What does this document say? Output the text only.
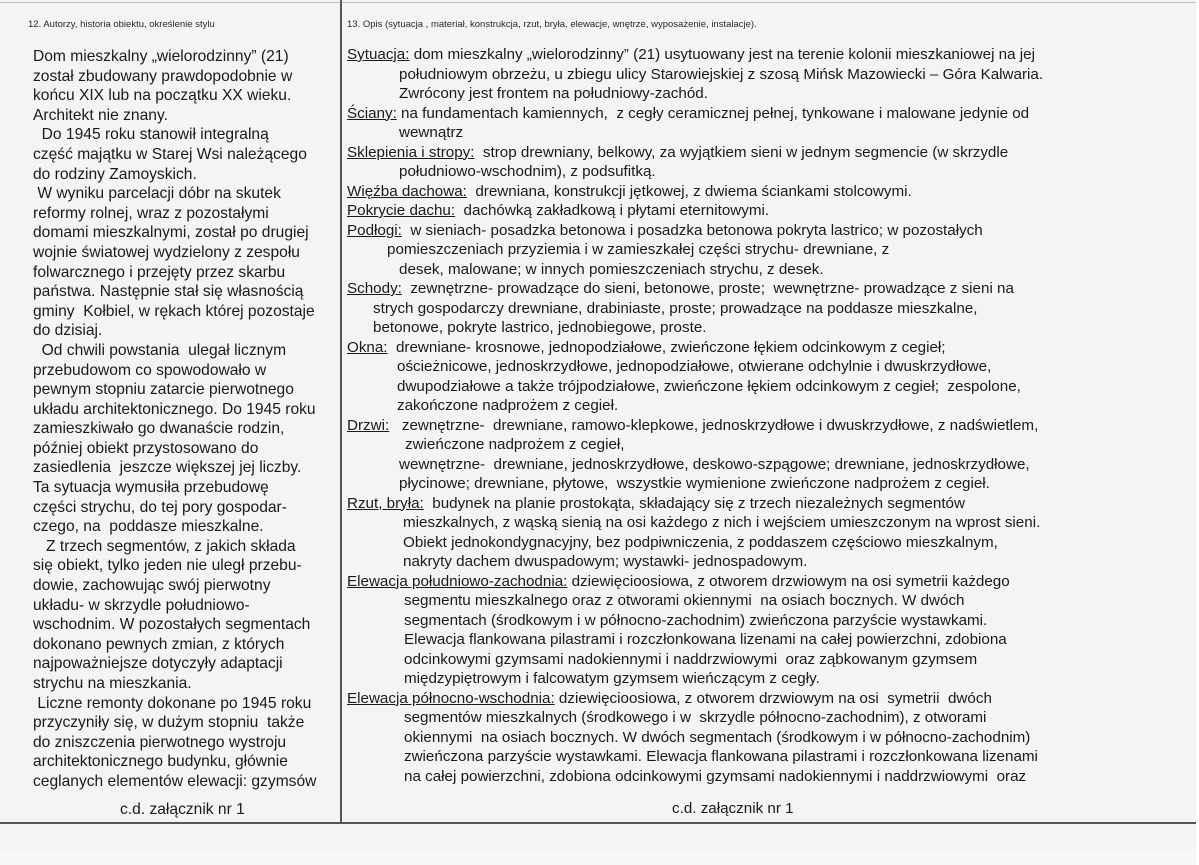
12. Autorzy, historia obiektu, określenie stylu	13. Opis (sytuacja , materiał, konstrukcja, rzut, bryła, elewacje, wnętrze, wyposażenie, instalacje).
Dom mieszkalny „wielorodzinny” (21)
został zbudowany prawdopodobnie w
końcu XIX lub na początku XX wieku.
Architekt nie znany.
Do 1945 roku stanowił integralną
część majątku w Starej Wsi należącego
do rodziny Zamoyskich.
W wyniku parcelacji dóbr na skutek
reformy rolnej, wraz z pozostałymi
domami mieszkalnymi, został po drugiej
wojnie światowej wydzielony z zespołu
folwarcznego i przejęty przez skarbu
państwa. Następnie stał się własnością
gminy  Kołbiel, w rękach której pozostaje
do dzisiaj.
Od chwili powstania  ulegał licznym
przebudowom co spowodowało w
pewnym stopniu zatarcie pierwotnego
układu architektonicznego. Do 1945 roku
zamieszkiwało go dwanaście rodzin,
później obiekt przystosowano do
zasiedlenia  jeszcze większej jej liczby.
Ta sytuacja wymusiła przebudowę
części strychu, do tej pory gospodar-
czego, na  poddasze mieszkalne.
Z trzech segmentów, z jakich składa
się obiekt, tylko jeden nie uległ przebu-
dowie, zachowując swój pierwotny
układu- w skrzydle południowo-
wschodnim. W pozostałych segmentach
dokonano pewnych zmian, z których
najpoważniejsze dotyczyły adaptacji
strychu na mieszkania.
Liczne remonty dokonane po 1945 roku
przyczyniły się, w dużym stopniu  także
do zniszczenia pierwotnego wystroju
architektonicznego budynku, głównie
ceglanych elementów elewacji: gzymsów
c.d. załącznik nr 1
Sytuacja: dom mieszkalny „wielorodzinny” (21) usytuowany jest na terenie kolonii mieszkaniowej na jej
południowym obrzeżu, u zbiegu ulicy Starowiejskiej z szosą Mińsk Mazowiecki – Góra Kalwaria.
Zwrócony jest frontem na południowy-zachód.
Ściany: na fundamentach kamiennych,  z cegły ceramicznej pełnej, tynkowane i malowane jedynie od
wewnątrz
Sklepienia i stropy:  strop drewniany, belkowy, za wyjątkiem sieni w jednym segmencie (w skrzydle
południowo-wschodnim), z podsufitką.
Więźba dachowa:  drewniana, konstrukcji jętkowej, z dwiema ściankami stolcowymi.
Pokrycie dachu:  dachówką zakładkową i płytami eternitowymi.
Podłogi:  w sieniach- posadzka betonowa i posadzka betonowa pokryta lastrico; w pozostałych
pomieszczeniach przyziemia i w zamieszkałej części strychu- drewniane, z
desek, malowane; w innych pomieszczeniach strychu, z desek.
Schody:  zewnętrzne- prowadzące do sieni, betonowe, proste;  wewnętrzne- prowadzące z sieni na
strych gospodarczy drewniane, drabiniaste, proste; prowadzące na poddasze mieszkalne,
betonowe, pokryte lastrico, jednobiegowe, proste.
Okna:  drewniane- krosnowe, jednopodziałowe, zwieńczone łękiem odcinkowym z cegieł;
ościeżnicowe, jednoskrzydłowe, jednopodziałowe, otwierane odchylnie i dwuskrzydłowe,
dwupodziałowe a także trójpodziałowe, zwieńczone łękiem odcinkowym z cegieł;  zespolone,
zakończone nadprożem z cegieł.
Drzwi:   zewnętrzne-  drewniane, ramowo-klepkowe, jednoskrzydłowe i dwuskrzydłowe, z nadświetlem,
zwieńczone nadprożem z cegieł,
wewnętrzne-  drewniane, jednoskrzydłowe, deskowo-szpągowe; drewniane, jednoskrzydłowe,
płycinowe; drewniane, płytowe,  wszystkie wymienione zwieńczone nadprożem z cegieł.
Rzut, bryła:  budynek na planie prostokąta, składający się z trzech niezależnych segmentów
mieszkalnych, z wąską sienią na osi każdego z nich i wejściem umieszczonym na wprost sieni.
Obiekt jednokondygnacyjny, bez podpiwniczenia, z poddaszem częściowo mieszkalnym,
nakryty dachem dwuspadowym; wystawki- jednospadowym.
Elewacja południowo-zachodnia: dziewięcioosiowa, z otworem drzwiowym na osi symetrii każdego
segmentu mieszkalnego oraz z otworami okiennymi  na osiach bocznych. W dwóch
segmentach (środkowym i w północno-zachodnim) zwieńczona parzyście wystawkami.
Elewacja flankowana pilastrami i rozczłonkowana lizenami na całej powierzchni, zdobiona
odcinkowymi gzymsami nadokiennymi i naddrzwiowymi  oraz ząbkowanym gzymsem
międzypiętrowym i falcowatym gzymsem wieńczącym z cegły.
Elewacja północno-wschodnia: dziewięcioosiowa, z otworem drzwiowym na osi  symetrii  dwóch
segmentów mieszkalnych (środkowego i w  skrzydle północno-zachodnim), z otworami
okiennymi  na osiach bocznych. W dwóch segmentach (środkowym i w północno-zachodnim)
zwieńczona parzyście wystawkami. Elewacja flankowana pilastrami i rozczłonkowana lizenami
na całej powierzchni, zdobiona odcinkowymi gzymsami nadokiennymi i naddrzwiowymi  oraz
c.d. załącznik nr 1
